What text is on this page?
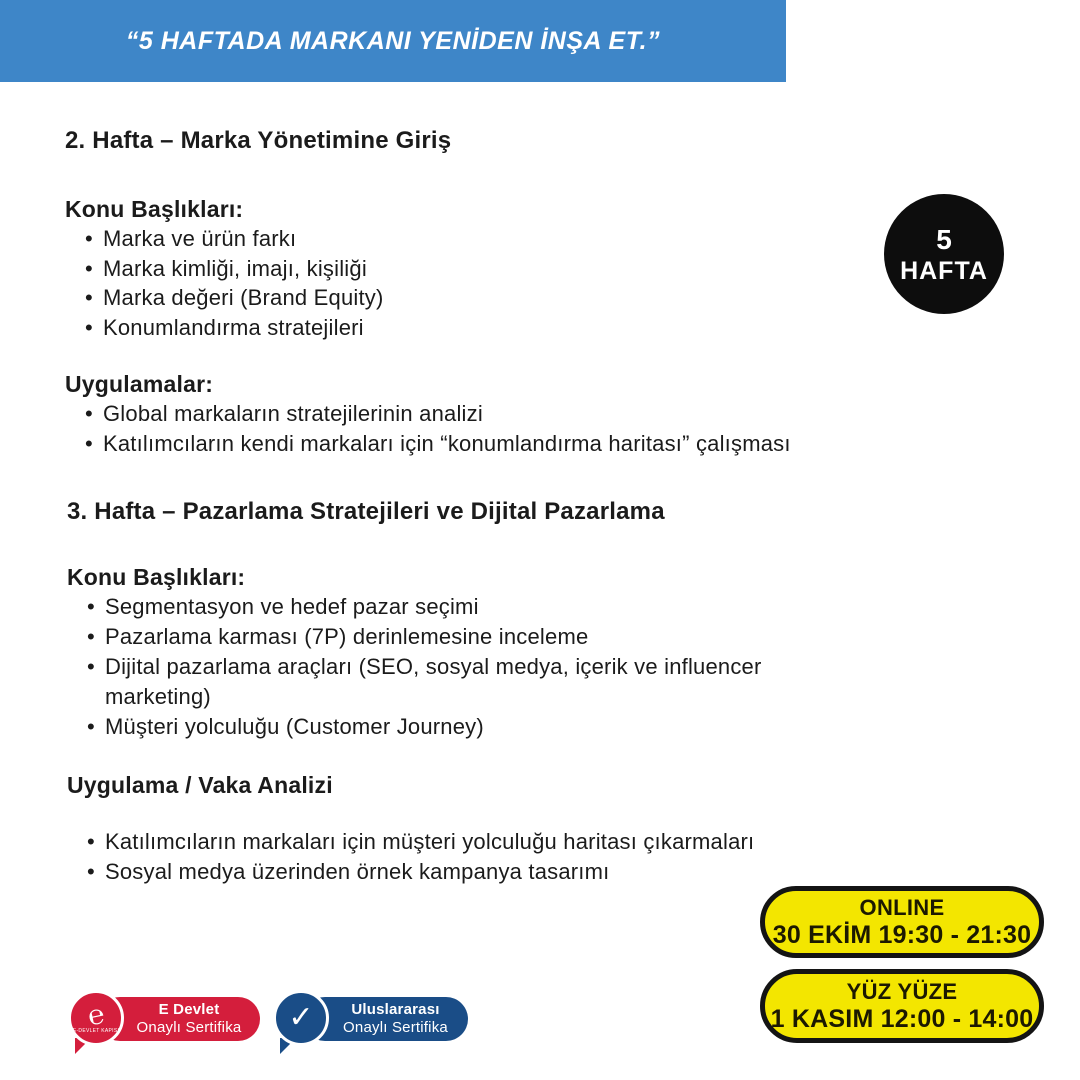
“5 HAFTADA MARKANI YENİDEN İNŞA ET.”
5
HAFTA
2. Hafta – Marka Yönetimine Giriş
Konu Başlıkları:
• Marka ve ürün farkı
• Marka kimliği, imajı, kişiliği
• Marka değeri (Brand Equity)
• Konumlandırma stratejileri
Uygulamalar:
• Global markaların stratejilerinin analizi
• Katılımcıların kendi markaları için “konumlandırma haritası” çalışması
3. Hafta – Pazarlama Stratejileri ve Dijital Pazarlama
Konu Başlıkları:
• Segmentasyon ve hedef pazar seçimi
• Pazarlama karması (7P) derinlemesine inceleme
• Dijital pazarlama araçları (SEO, sosyal medya, içerik ve influencer marketing)
• Müşteri yolculuğu (Customer Journey)
Uygulama / Vaka Analizi
• Katılımcıların markaları için müşteri yolculuğu haritası çıkarmaları
• Sosyal medya üzerinden örnek kampanya tasarımı
ONLINE
30 EKİM 19:30 - 21:30
YÜZ YÜZE
1 KASIM 12:00 - 14:00
E Devlet
Onaylı Sertifika
℮
*
E-DEVLET KAPISI
Uluslararası
Onaylı Sertifika
✓
